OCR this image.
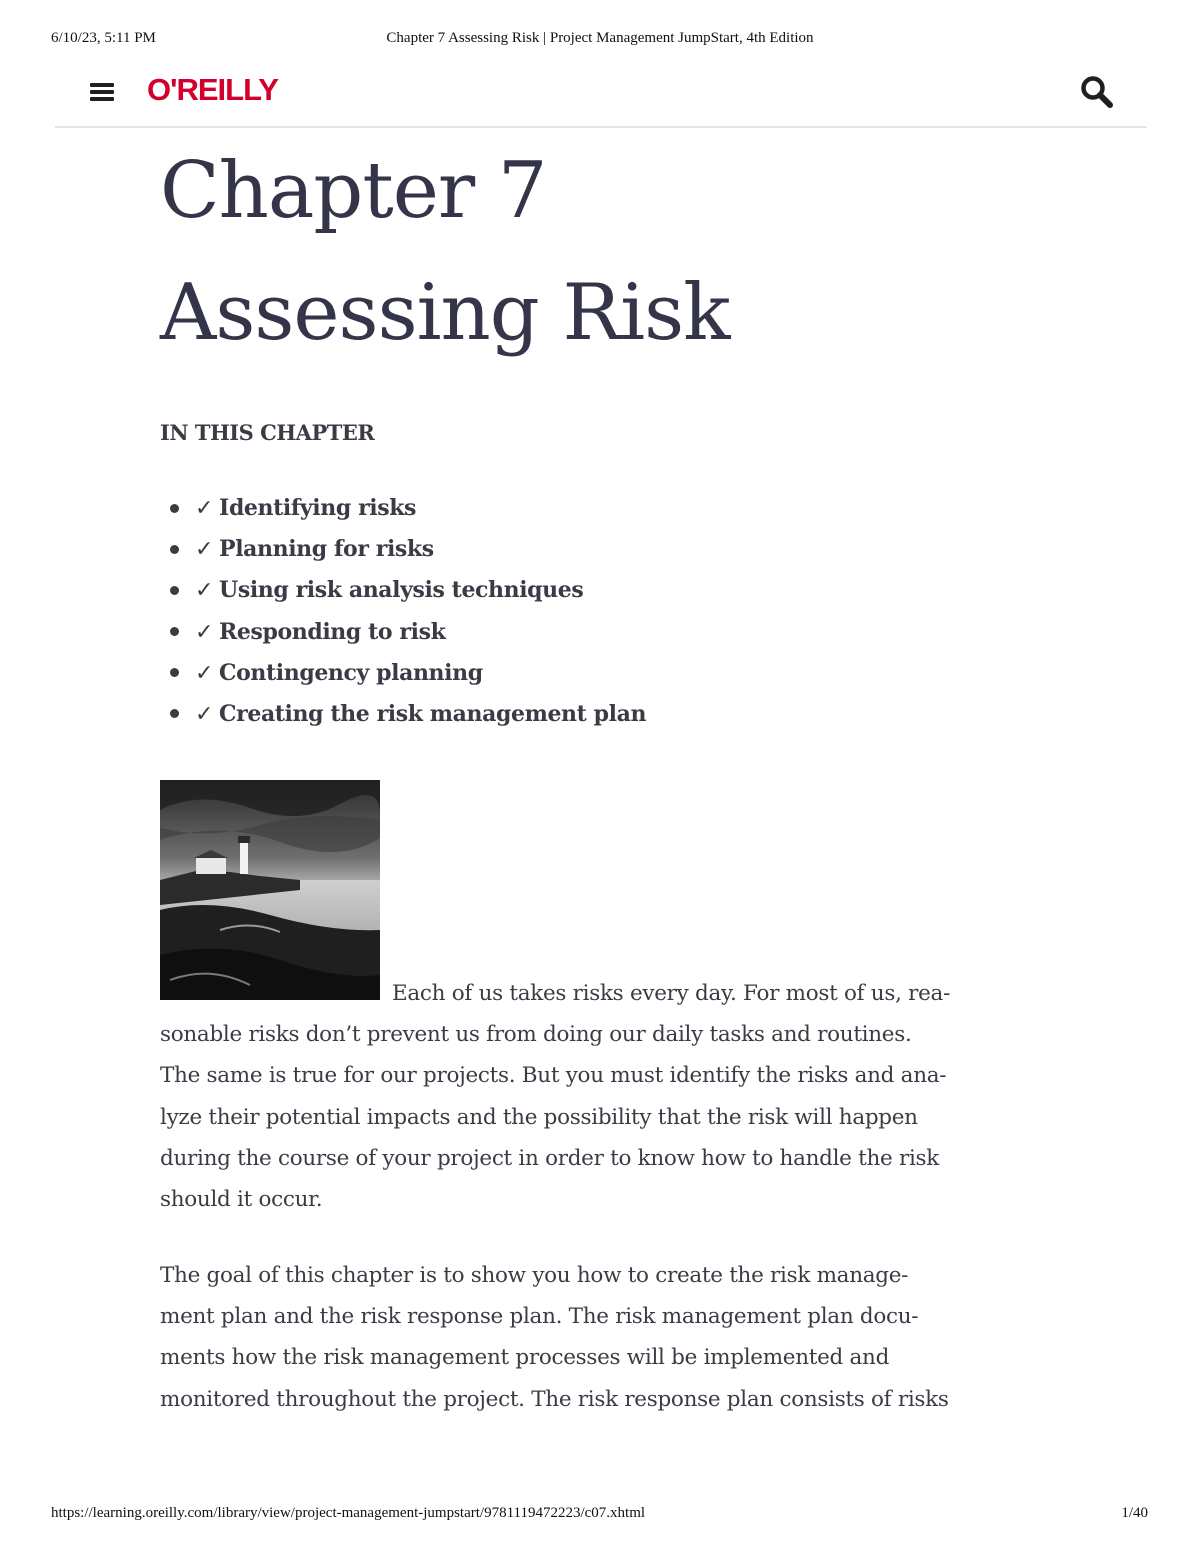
6/10/23, 5:11 PM	Chapter 7 Assessing Risk | Project Management JumpStart, 4th Edition
O'REILLY
Chapter 7
Assessing Risk

IN THIS CHAPTER

✓ Identifying risks
✓ Planning for risks
✓ Using risk analysis techniques
✓ Responding to risk
✓ Contingency planning
✓ Creating the risk management plan
Each of us takes risks every day. For most of us, rea-
sonable risks don’t prevent us from doing our daily tasks and routines.
The same is true for our projects. But you must identify the risks and ana-
lyze their potential impacts and the possibility that the risk will happen
during the course of your project in order to know how to handle the risk
should it occur.
The goal of this chapter is to show you how to create the risk manage-
ment plan and the risk response plan. The risk management plan docu-
ments how the risk management processes will be implemented and
monitored throughout the project. The risk response plan consists of risks
https://learning.oreilly.com/library/view/project-management-jumpstart/9781119472223/c07.xhtml	1/40
